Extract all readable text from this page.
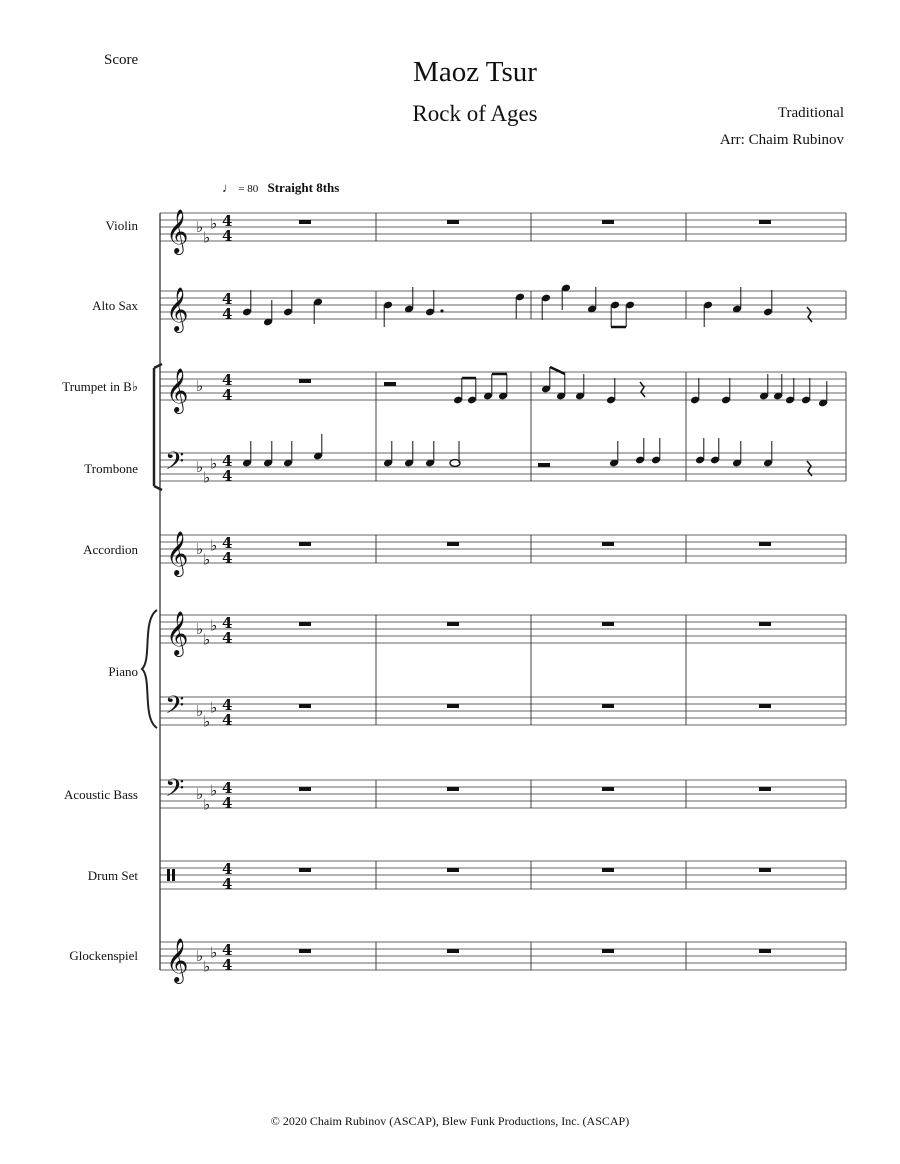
Score	Maoz Tsur
Rock of Ages	Traditional
Arr: Chaim Rubinov
♩ = 80 Straight 8ths
Violin
Alto Sax
Trumpet in B♭
Trombone
Accordion
Piano
Acoustic Bass
Drum Set
Glockenspiel
𝄞 ♭
♭
♭ 4
4
𝄞 4
4
𝄞 ♭ 4
4
𝄢 ♭
♭
♭ 4
4
𝄞 ♭
♭
♭ 4
4
𝄞 ♭
♭
♭ 4
4
𝄢 ♭
♭
♭ 4
4
𝄢 ♭
♭
♭ 4
4
4
4
𝄞 ♭
♭
♭ 4
4
© 2020 Chaim Rubinov (ASCAP), Blew Funk Productions, Inc. (ASCAP)
